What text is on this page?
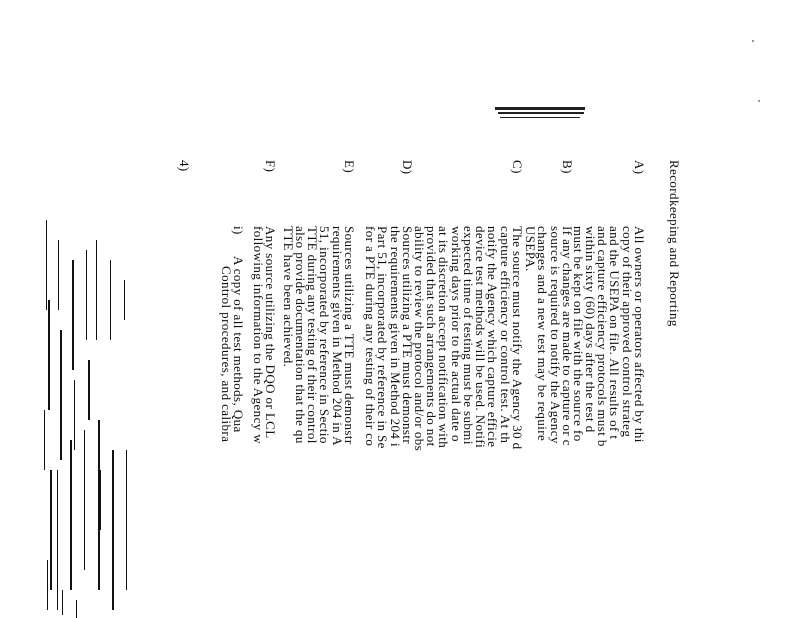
Recordkeeping and Reporting
A)
All owners or operators affected by thi
copy of their approved control strateg
and the USEPA on file. All results of t
and capture efficiency protocols must b
within sixty (60) days after the test d
must be kept on file with the source fo
B)
If any changes are made to capture or c
source is required to notify the Agency
changes and a new test may be require
USEPA.
C)
The source must notify the Agency 30 d
capture efficiency or control test. At th
notify the Agency which capture efficie
device test methods will be used. Notifi
expected time of testing must be submi
working days prior to the actual date o
at its discretion accept notification with
provided that such arrangements do not
ability to review the protocol and/or obs
D)
Sources utilizing a PTE must demonstr
the requirements given in Method 204 i
Part 51, incorporated by reference in Se
for a PTE during any testing of their co
E)
Sources utilizing a TTE must demonstr
requirements given in Method 204 in A
51, incorporated by reference in Sectio
TTE during any testing of their control
also provide documentation that the qu
TTE have been achieved.
F)
Any source utilizing the DQO or LCL
following information to the Agency w
i)
A copy of all test methods, Qua
Control procedures, and calibra
4)
